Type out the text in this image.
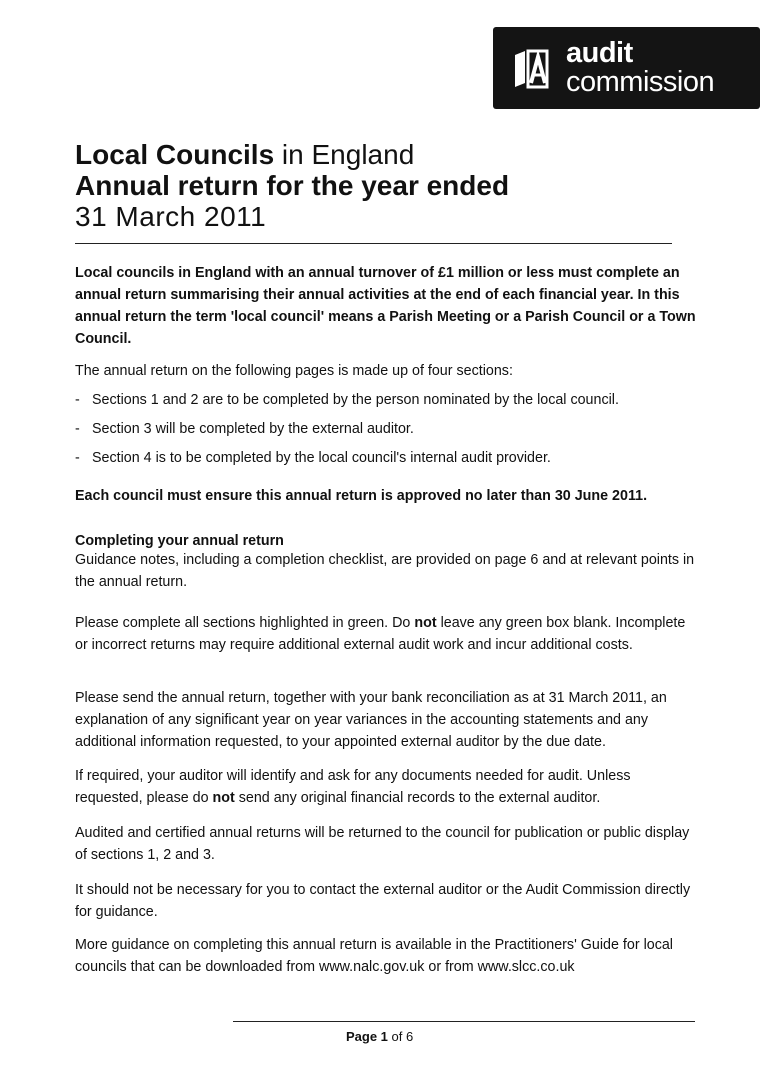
audit
commission
Local Councils in England
Annual return for the year ended
31 March 2011

Local councils in England with an annual turnover of £1 million or less must complete an annual return summarising their annual activities at the end of each financial year. In this annual return the term 'local council' means a Parish Meeting or a Parish Council or a Town Council.

The annual return on the following pages is made up of four sections:

- Sections 1 and 2 are to be completed by the person nominated by the local council.
- Section 3 will be completed by the external auditor.
- Section 4 is to be completed by the local council's internal audit provider.

Each council must ensure this annual return is approved no later than 30 June 2011.

Completing your annual return

Guidance notes, including a completion checklist, are provided on page 6 and at relevant points in the annual return.

Please complete all sections highlighted in green. Do not leave any green box blank. Incomplete or incorrect returns may require additional external audit work and incur additional costs.

Please send the annual return, together with your bank reconciliation as at 31 March 2011, an explanation of any significant year on year variances in the accounting statements and any additional information requested, to your appointed external auditor by the due date.

If required, your auditor will identify and ask for any documents needed for audit. Unless requested, please do not send any original financial records to the external auditor.

Audited and certified annual returns will be returned to the council for publication or public display of sections 1, 2 and 3.

It should not be necessary for you to contact the external auditor or the Audit Commission directly for guidance.

More guidance on completing this annual return is available in the Practitioners' Guide for local councils that can be downloaded from www.nalc.gov.uk or from www.slcc.co.uk

Page 1 of 6
